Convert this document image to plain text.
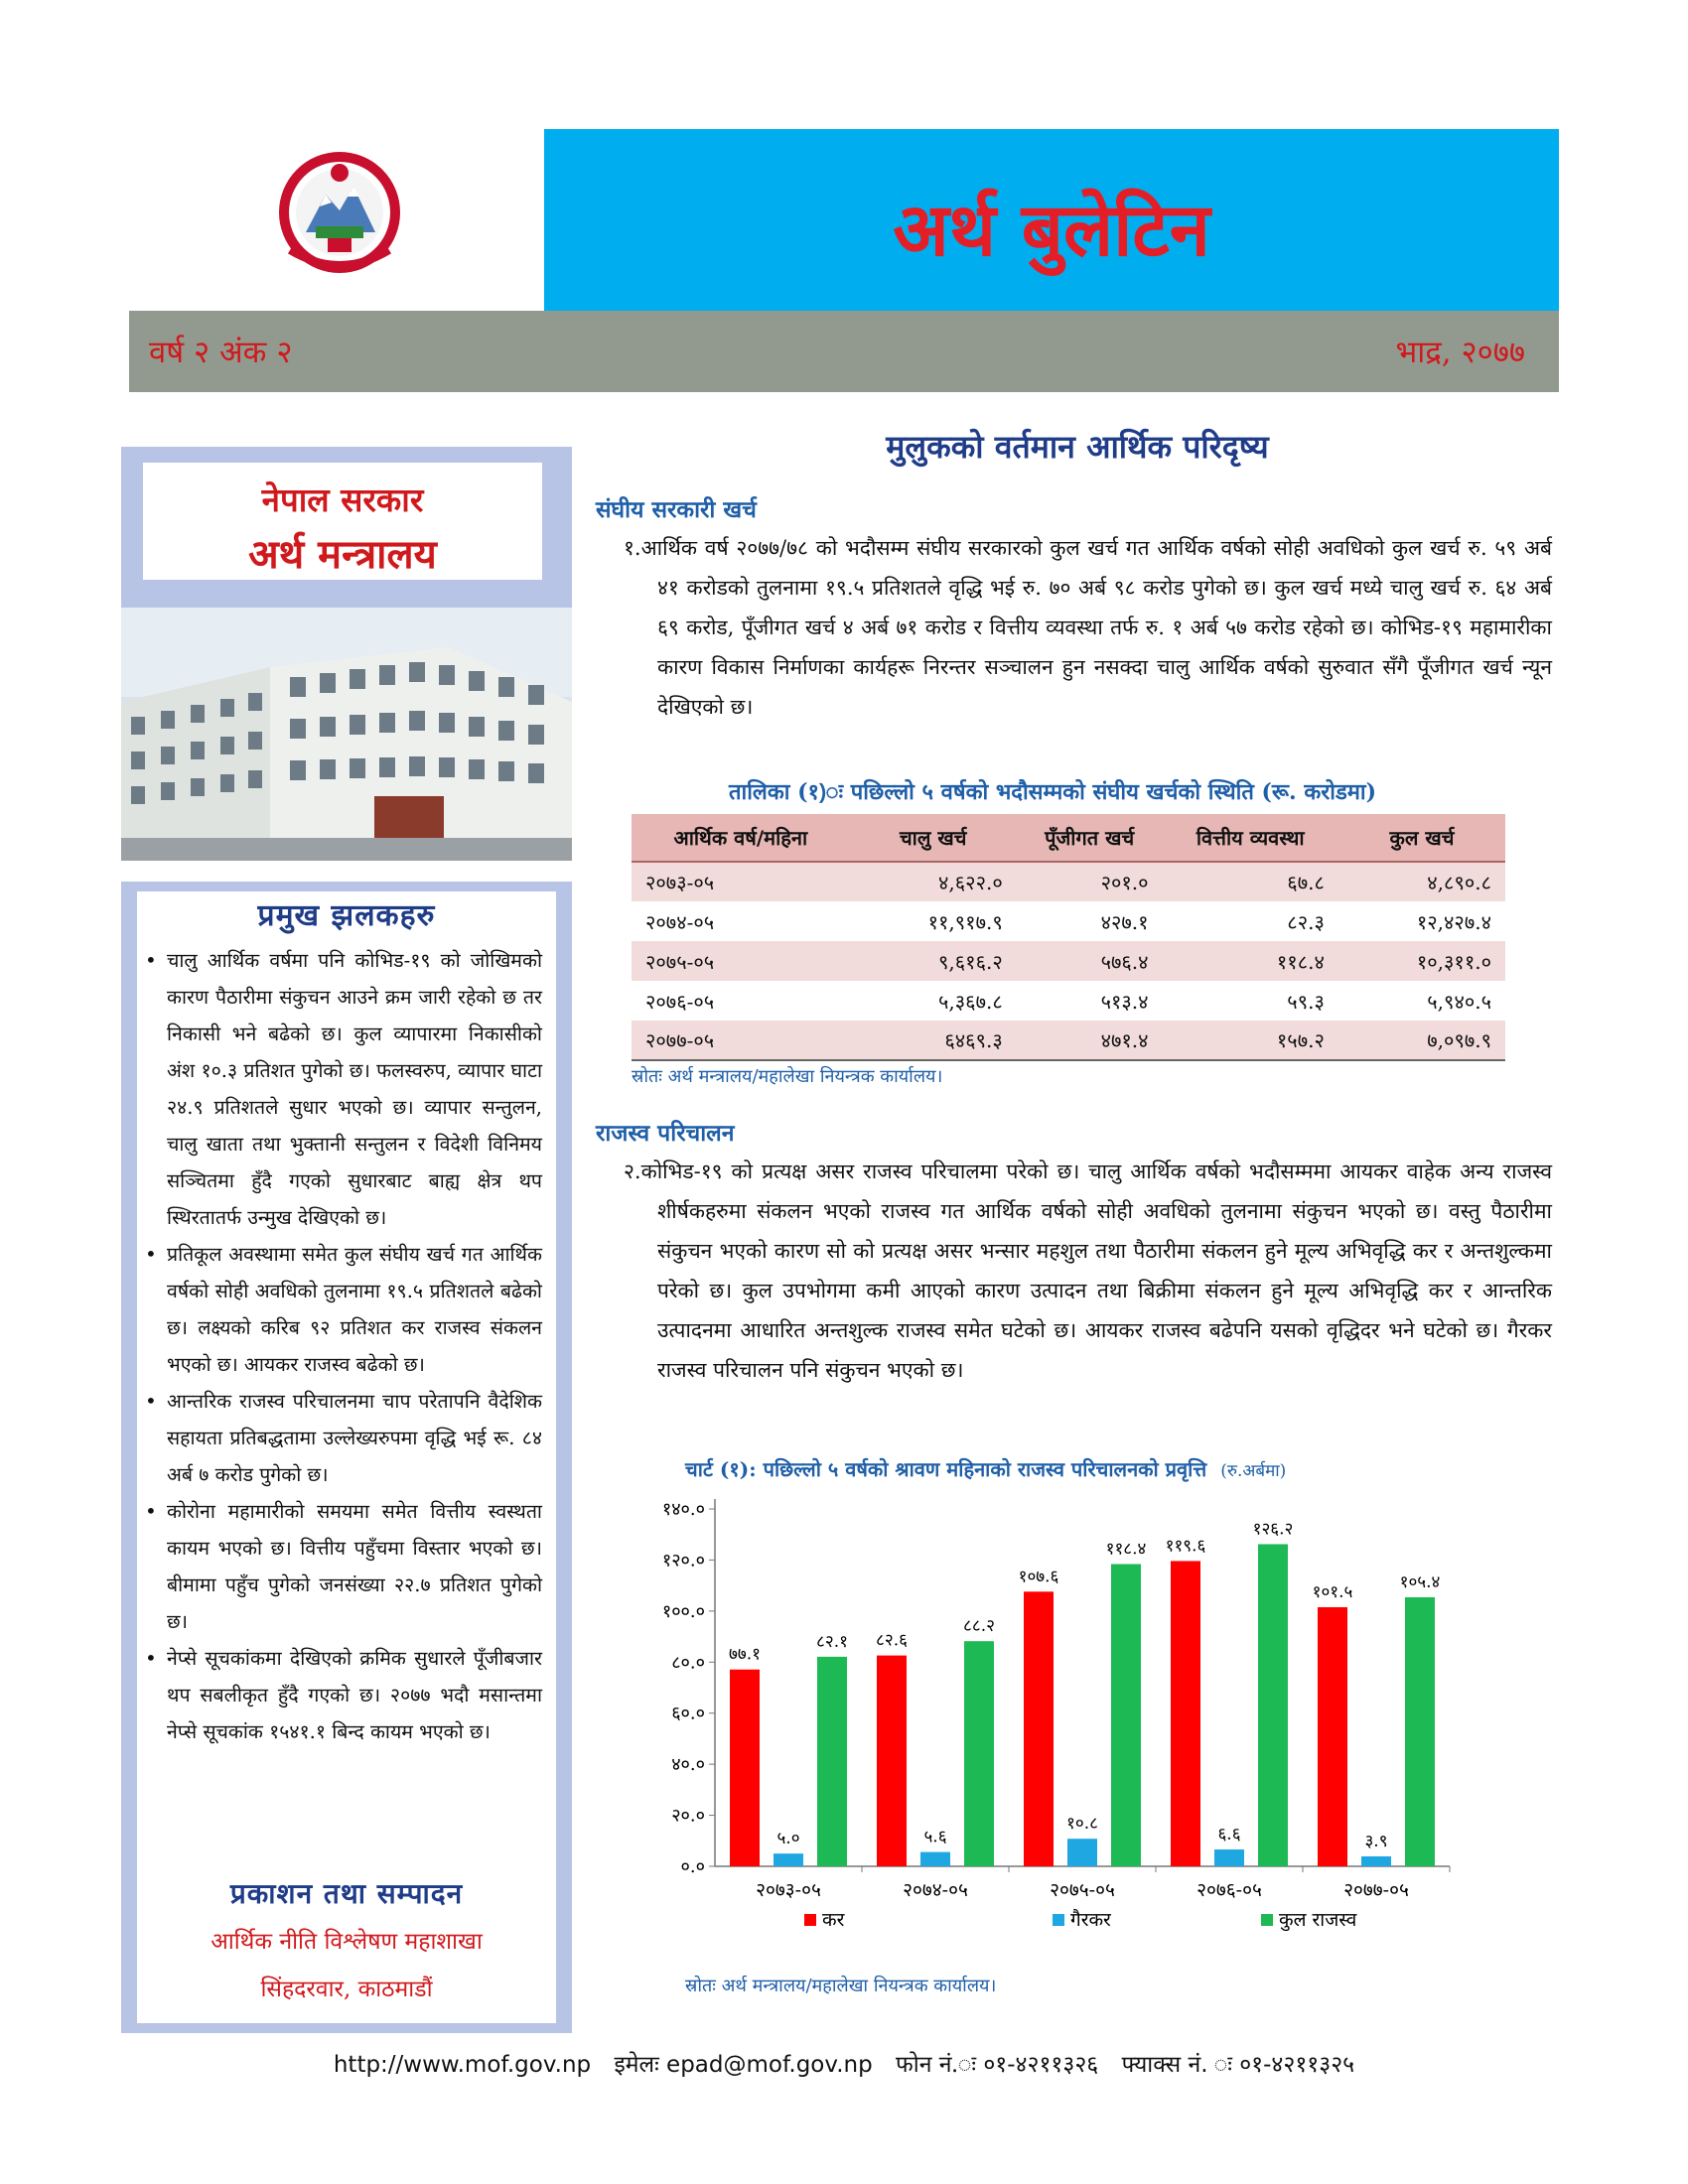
अर्थ बुलेटिन
वर्ष २ अंक २	भाद्र, २०७७
नेपाल सरकार
अर्थ मन्त्रालय
प्रमुख झलकहरु
• चालु आर्थिक वर्षमा पनि कोभिड-१९ को जोखिमको कारण पैठारीमा संकुचन आउने क्रम जारी रहेको छ तर निकासी भने बढेको छ। कुल व्यापारमा निकासीको अंश १०.३ प्रतिशत पुगेको छ। फलस्वरुप, व्यापार घाटा २४.९ प्रतिशतले सुधार भएको छ। व्यापार सन्तुलन, चालु खाता तथा भुक्तानी सन्तुलन र विदेशी विनिमय सञ्चितमा हुँदै गएको सुधारबाट बाह्य क्षेत्र थप स्थिरतातर्फ उन्मुख देखिएको छ।
• प्रतिकूल अवस्थामा समेत कुल संघीय खर्च गत आर्थिक वर्षको सोही अवधिको तुलनामा १९.५ प्रतिशतले बढेको छ। लक्ष्यको करिब ९२ प्रतिशत कर राजस्व संकलन भएको छ। आयकर राजस्व बढेको छ।
• आन्तरिक राजस्व परिचालनमा चाप परेतापनि वैदेशिक सहायता प्रतिबद्धतामा उल्लेख्यरुपमा वृद्धि भई रू. ८४ अर्ब ७ करोड पुगेको छ।
• कोरोना महामारीको समयमा समेत वित्तीय स्वस्थता कायम भएको छ। वित्तीय पहुँचमा विस्तार भएको छ। बीमामा पहुँच पुगेको जनसंख्या २२.७ प्रतिशत पुगेको छ।
• नेप्से सूचकांकमा देखिएको क्रमिक सुधारले पूँजीबजार थप सबलीकृत हुँदै गएको छ। २०७७ भदौ मसान्तमा नेप्से सूचकांक १५४१.१ बिन्द कायम भएको छ।
प्रकाशन तथा सम्पादन
आर्थिक नीति विश्लेषण महाशाखा
सिंहदरवार, काठमाडौं
मुलुकको वर्तमान आर्थिक परिदृष्य
संघीय सरकारी खर्च
१.आर्थिक वर्ष २०७७/७८ को भदौसम्म संघीय सरकारको कुल खर्च गत आर्थिक वर्षको सोही अवधिको कुल खर्च रु. ५९ अर्ब ४१ करोडको तुलनामा १९.५ प्रतिशतले वृद्धि भई रु. ७० अर्ब ९८ करोड पुगेको छ। कुल खर्च मध्ये चालु खर्च रु. ६४ अर्ब ६९ करोड, पूँजीगत खर्च ४ अर्ब ७१ करोड र वित्तीय व्यवस्था तर्फ रु. १ अर्ब ५७ करोड रहेको छ। कोभिड-१९ महामारीका कारण विकास निर्माणका कार्यहरू निरन्तर सञ्चालन हुन नसक्दा चालु आर्थिक वर्षको सुरुवात सँगै पूँजीगत खर्च न्यून देखिएको छ।
तालिका (१)ः पछिल्लो ५ वर्षको भदौसम्मको संघीय खर्चको स्थिति (रू. करोडमा)
आर्थिक वर्ष/महिना	चालु खर्च	पूँजीगत खर्च	वित्तीय व्यवस्था	कुल खर्च
२०७३-०५	४,६२२.०	२०१.०	६७.८	४,८९०.८
२०७४-०५	११,९१७.९	४२७.१	८२.३	१२,४२७.४
२०७५-०५	९,६१६.२	५७६.४	११८.४	१०,३११.०
२०७६-०५	५,३६७.८	५१३.४	५९.३	५,९४०.५
२०७७-०५	६४६९.३	४७१.४	१५७.२	७,०९७.९
स्रोतः अर्थ मन्त्रालय/महालेखा नियन्त्रक कार्यालय।
राजस्व परिचालन
२.कोभिड-१९ को प्रत्यक्ष असर राजस्व परिचालमा परेको छ। चालु आर्थिक वर्षको भदौसम्ममा आयकर वाहेक अन्य राजस्व शीर्षकहरुमा संकलन भएको राजस्व गत आर्थिक वर्षको सोही अवधिको तुलनामा संकुचन भएको छ। वस्तु पैठारीमा संकुचन भएको कारण सो को प्रत्यक्ष असर भन्सार महशुल तथा पैठारीमा संकलन हुने मूल्य अभिवृद्धि कर र अन्तशुल्कमा परेको छ। कुल उपभोगमा कमी आएको कारण उत्पादन तथा बिक्रीमा संकलन हुने मूल्य अभिवृद्धि कर र आन्तरिक उत्पादनमा आधारित अन्तशुल्क राजस्व समेत घटेको छ। आयकर राजस्व बढेपनि यसको वृद्धिदर भने घटेको छ। गैरकर राजस्व परिचालन पनि संकुचन भएको छ।
चार्ट (१): पछिल्लो ५ वर्षको श्रावण महिनाको राजस्व परिचालनको प्रवृत्ति (रु.अर्बमा)
०.०
२०.०
४०.०
६०.०
८०.०
१००.०
१२०.०
१४०.०
२०७३-०५
७७.१
५.०
८२.१
२०७४-०५
८२.६
५.६
८८.२
२०७५-०५
१०७.६
१०.८
११८.४
२०७६-०५
११९.६
६.६
१२६.२
२०७७-०५
१०१.५
३.९
१०५.४
कर	गैरकर	कुल राजस्व
स्रोतः अर्थ मन्त्रालय/महालेखा नियन्त्रक कार्यालय।
http://www.mof.gov.np इमेलः epad@mof.gov.np फोन नं.ः ०१-४२११३२६ फ्याक्स नं. ः ०१-४२११३२५
